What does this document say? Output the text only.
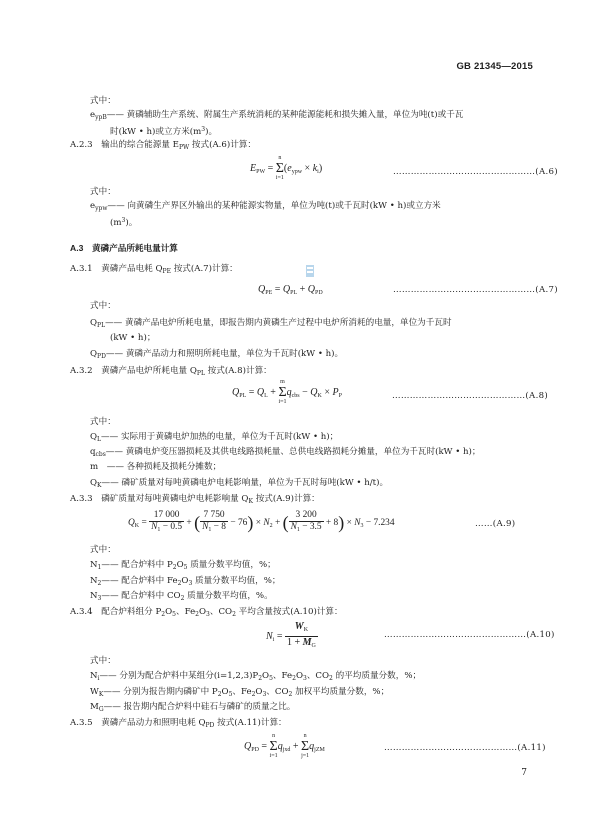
GB 21345—2015
式中：
$e_{ypB}——$ 黄磷辅助生产系统、附属生产系统消耗的某种能源能耗和损失摊入量，单位为吨(t)或千瓦
时(kW • h)或立方米$(m^3)$。
A.2.3　输出的综合能源量 $E_{PW}$ 按式(A.6)计算：
$E_{PW} = n$
Σ
$i=1(e_{ypw} \times k_i)$	…………………………………………(A.6)
式中：
$e_{ypw}——$ 向黄磷生产界区外输出的某种能源实物量，单位为吨(t)或千瓦时(kW • h)或立方米
$(m^3)$。
A.3　黄磷产品所耗电量计算
A.3.1　黄磷产品电耗 $Q_{PE}$ 按式(A.7)计算：
$Q_{PE} = Q_{PL} + Q_{PD}$	…………………………………………(A.7)
式中：
$Q_{PL}——$ 黄磷产品电炉所耗电量，即报告期内黄磷生产过程中电炉所消耗的电量，单位为千瓦时
(kW • h)；
$Q_{PD}——$ 黄磷产品动力和照明所耗电量，单位为千瓦时(kW • h)。
A.3.2　黄磷产品电炉所耗电量 $Q_{PL}$ 按式(A.8)计算：
$Q_{PL} = Q_L + m$
Σ
$i=1q_{cbs} - Q_K \times P_P$	………………………………………(A.8)
式中：
$Q_L——$ 实际用于黄磷电炉加热的电量，单位为千瓦时(kW • h)；
$q_{cbs}——$ 黄磷电炉变压器损耗及其供电线路损耗量、总供电线路损耗分摊量，单位为千瓦时(kW • h)；
m　—— 各种损耗及损耗分摊数；
$Q_K——$ 磷矿质量对每吨黄磷电炉电耗影响量，单位为千瓦时每吨(kW • h/t)。
A.3.3　磷矿质量对每吨黄磷电炉电耗影响量 $Q_K$ 按式(A.9)计算：
$Q_K = \frac{17 000}{N_1 - 0.5}$ + ( $\frac{7 750}{N_1 - 8} - 76) \times N_2$ + ( $\frac{3 200}{N_1 - 3.5} + 8) \times N_3 - 7.234$	……(A.9)
式中：
$N_1——$ 配合炉料中 $P_2O_5$ 质量分数平均值，%；
$N_2——$ 配合炉料中 $Fe_2O_3$ 质量分数平均值，%；
$N_3——$ 配合炉料中 $CO_2$ 质量分数平均值，%。
A.3.4　配合炉料组分 $P_2O_5$、$Fe_2O_3$、$CO_2$ 平均含量按式(A.10)计算：
$N_i = \frac{W_K}{1 + M_G}$	…………………………………………(A.10)
式中：
$N_i——$ 分别为配合炉料中某组分$(i=1,2,3)P_2O_5$、$Fe_2O_3$、$CO_2$ 的平均质量分数，%；
$W_K——$ 分别为报告期内磷矿中 $P_2O_5$、$Fe_2O_3$、$CO_2$ 加权平均质量分数，%；
$M_G——$ 报告期内配合炉料中硅石与磷矿的质量之比。
A.3.5　黄磷产品动力和照明电耗 $Q_{PD}$ 按式(A.11)计算：
$Q_{PD} = n$
Σ
$i=1q_{jxd} + n$
Σ
$j=1q_{jZM}$	………………………………………(A.11)
7
